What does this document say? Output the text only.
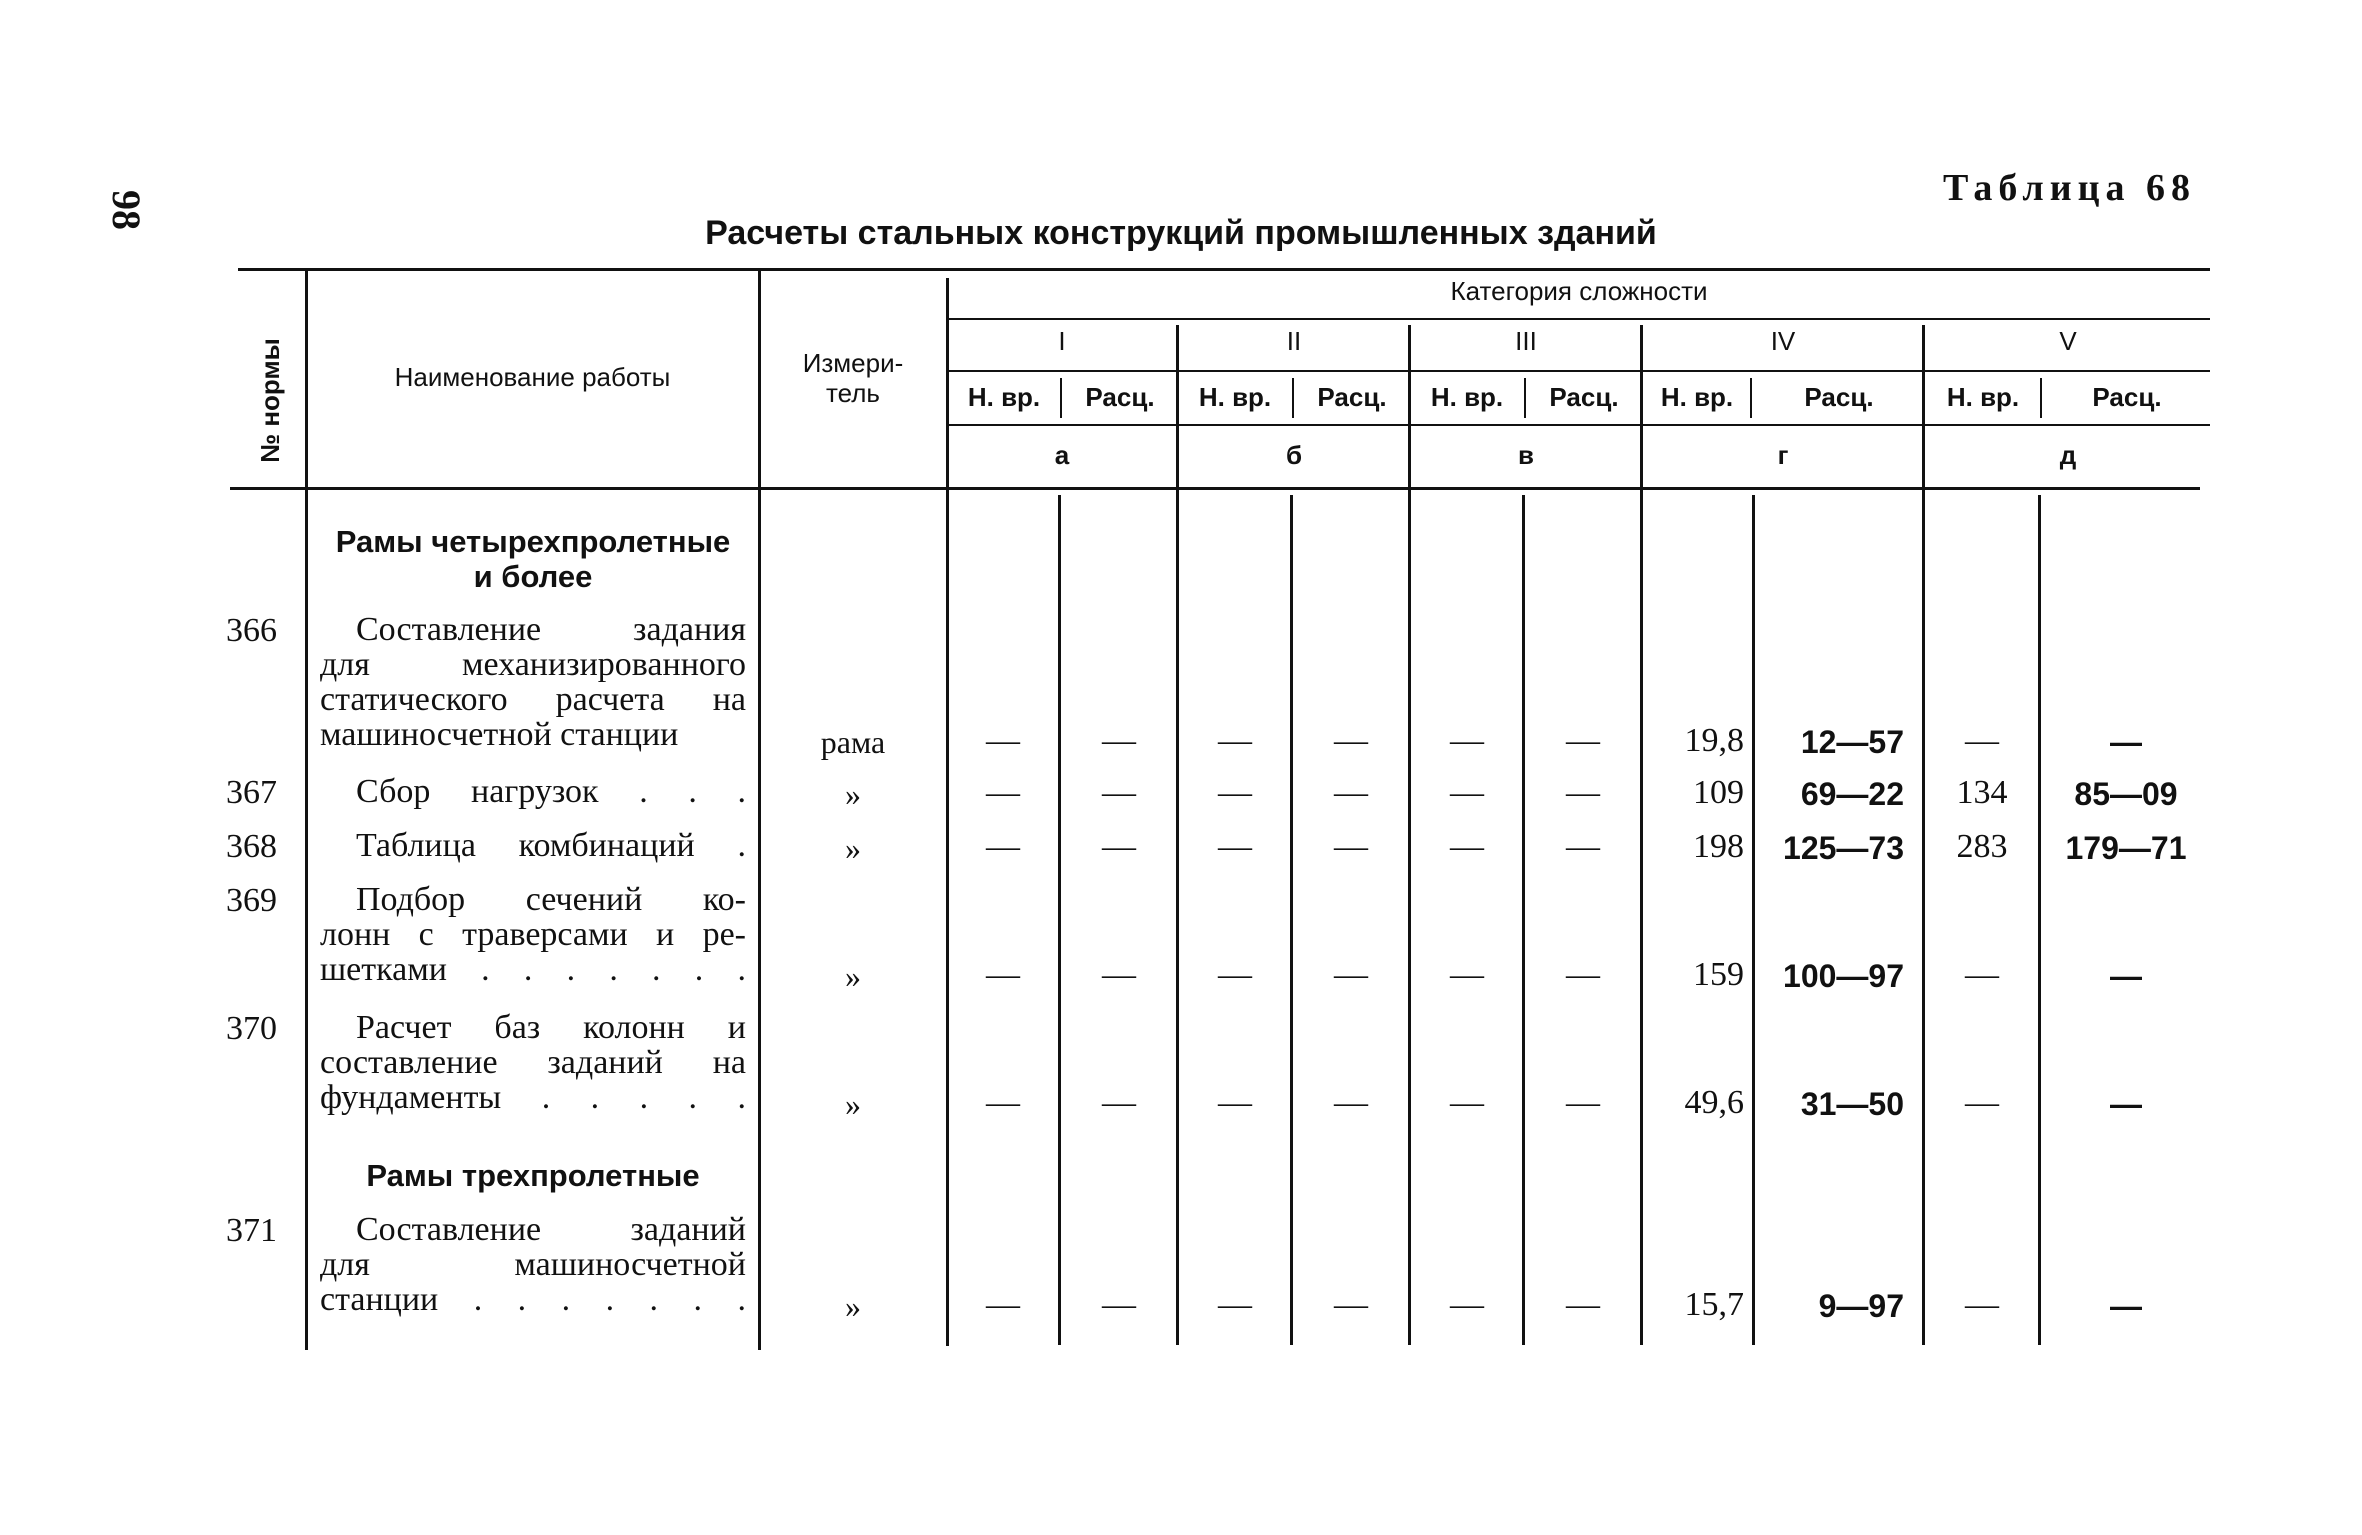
98
Таблица 68
Расчеты стальных конструкций промышленных зданий
№ нормы	Наименование работы	Измери-
тель
Категория сложности
I	II	III	IV	V
Н. вр.	Расц.	Н. вр.	Расц.	Н. вр.	Расц.	Н. вр.	Расц.	Н. вр.	Расц.
а	б	в	г	д
Рамы четырехпролетные
и более
Рамы трехпролетные
366	Составление задания
для механизированного
статического расчета на
машиносчетной станции	рама	—	—	—	—	—	—	19,8	12—57	—	—
367	Сбор нагрузок . . .	»	—	—	—	—	—	—	109	69—22	134	85—09
368	Таблица комбинаций .	»	—	—	—	—	—	—	198	125—73	283	179—71
369	Подбор сечений ко-
лонн с траверсами и ре-
шетками . . . . . . .	»	—	—	—	—	—	—	159	100—97	—	—
370	Расчет баз колонн и
составление заданий на
фундаменты . . . . .	»	—	—	—	—	—	—	49,6	31—50	—	—
371	Составление заданий
для машиносчетной
станции . . . . . . .	»	—	—	—	—	—	—	15,7	9—97	—	—
